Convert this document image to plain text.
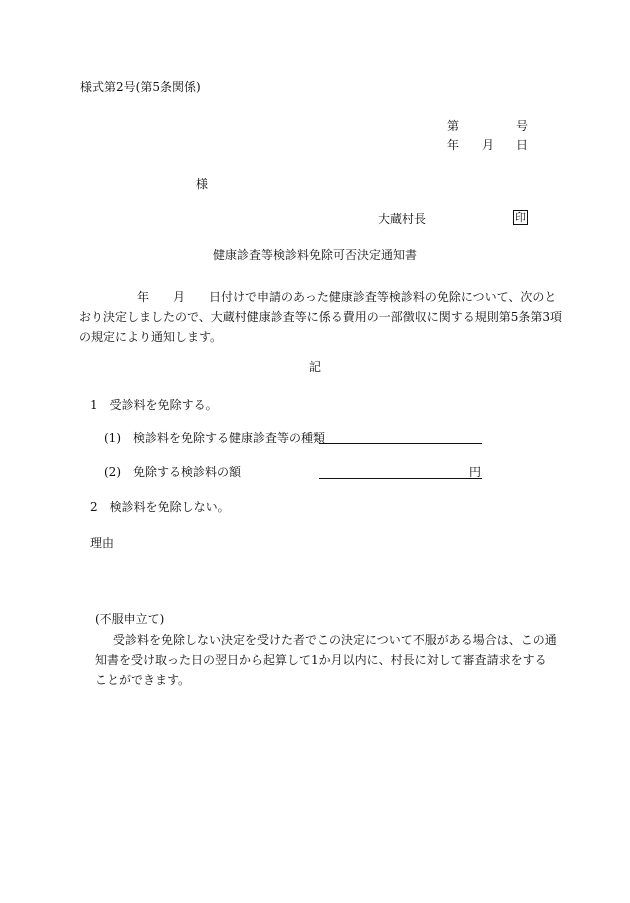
様式第2号(第5条関係)
第	号
年 月 日
様
大蔵村長	印
健康診査等検診料免除可否決定通知書
年　　月　　日付けで申請のあった健康診査等検診料の免除について、次のと
おり決定しましたので、大蔵村健康診査等に係る費用の一部徴収に関する規則第5条第3項
の規定により通知します。
記
1　受診料を免除する。
(1)　検診料を免除する健康診査等の種類
(2)　免除する検診料の額	円
2　検診料を免除しない。
理由
(不服申立て)
受診料を免除しない決定を受けた者でこの決定について不服がある場合は、この通
知書を受け取った日の翌日から起算して1か月以内に、村長に対して審査請求をする
ことができます。
